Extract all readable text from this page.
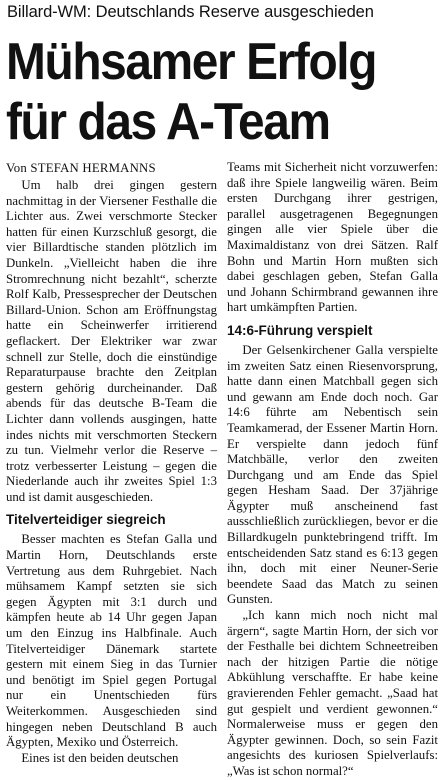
Billard-WM: Deutschlands Reserve ausgeschieden
Mühsamer Erfolg
für das A-Team
Von STEFAN HERMANNS

Um halb drei gingen gestern nachmittag in der Viersener Festhalle die Lichter aus. Zwei verschmorte Stecker hatten für einen Kurzschluß gesorgt, die vier Billardtische standen plötzlich im Dunkeln. „Vielleicht haben die ihre Stromrechnung nicht bezahlt“, scherzte Rolf Kalb, Pressesprecher der Deutschen Billard-Union. Schon am Eröffnungstag hatte ein Scheinwerfer irritierend geflackert. Der Elektriker war zwar schnell zur Stelle, doch die einstündige Reparaturpause brachte den Zeitplan gestern gehörig durcheinander. Daß abends für das deutsche B-Team die Lichter dann vollends ausgingen, hatte indes nichts mit verschmorten Steckern zu tun. Vielmehr verlor die Reserve – trotz verbesserter Leistung – gegen die Niederlande auch ihr zweites Spiel 1:3 und ist damit ausgeschieden.

Titelverteidiger siegreich

Besser machten es Stefan Galla und Martin Horn, Deutschlands erste Vertretung aus dem Ruhrgebiet. Nach mühsamem Kampf setzten sie sich gegen Ägypten mit 3:1 durch und kämpfen heute ab 14 Uhr gegen Japan um den Einzug ins Halbfinale. Auch Titelverteidiger Dänemark startete gestern mit einem Sieg in das Turnier und benötigt im Spiel gegen Portugal nur ein Unentschieden fürs Weiterkommen. Ausgeschieden sind hingegen neben Deutschland B auch Ägypten, Mexiko und Österreich.

Eines ist den beiden deutschen

Teams mit Sicherheit nicht vorzuwerfen: daß ihre Spiele langweilig wären. Beim ersten Durchgang ihrer gestrigen, parallel ausgetragenen Begegnungen gingen alle vier Spiele über die Maximaldistanz von drei Sätzen. Ralf Bohn und Martin Horn mußten sich dabei geschlagen geben, Stefan Galla und Johann Schirmbrand gewannen ihre hart umkämpften Partien.

14:6-Führung verspielt

Der Gelsenkirchener Galla verspielte im zweiten Satz einen Riesenvorsprung, hatte dann einen Matchball gegen sich und gewann am Ende doch noch. Gar 14:6 führte am Nebentisch sein Teamkamerad, der Essener Martin Horn. Er verspielte dann jedoch fünf Matchbälle, verlor den zweiten Durchgang und am Ende das Spiel gegen Hesham Saad. Der 37jährige Ägypter muß anscheinend fast ausschließlich zurückliegen, bevor er die Billardkugeln punktebringend trifft. Im entscheidenden Satz stand es 6:13 gegen ihn, doch mit einer Neuner-Serie beendete Saad das Match zu seinen Gunsten.

„Ich kann mich noch nicht mal ärgern“, sagte Martin Horn, der sich vor der Festhalle bei dichtem Schneetreiben nach der hitzigen Partie die nötige Abkühlung verschaffte. Er habe keine gravierenden Fehler gemacht. „Saad hat gut gespielt und verdient gewonnen.“ Normalerweise muss er gegen den Ägypter gewinnen. Doch, so sein Fazit angesichts des kuriosen Spielverlaufs: „Was ist schon normal?“
